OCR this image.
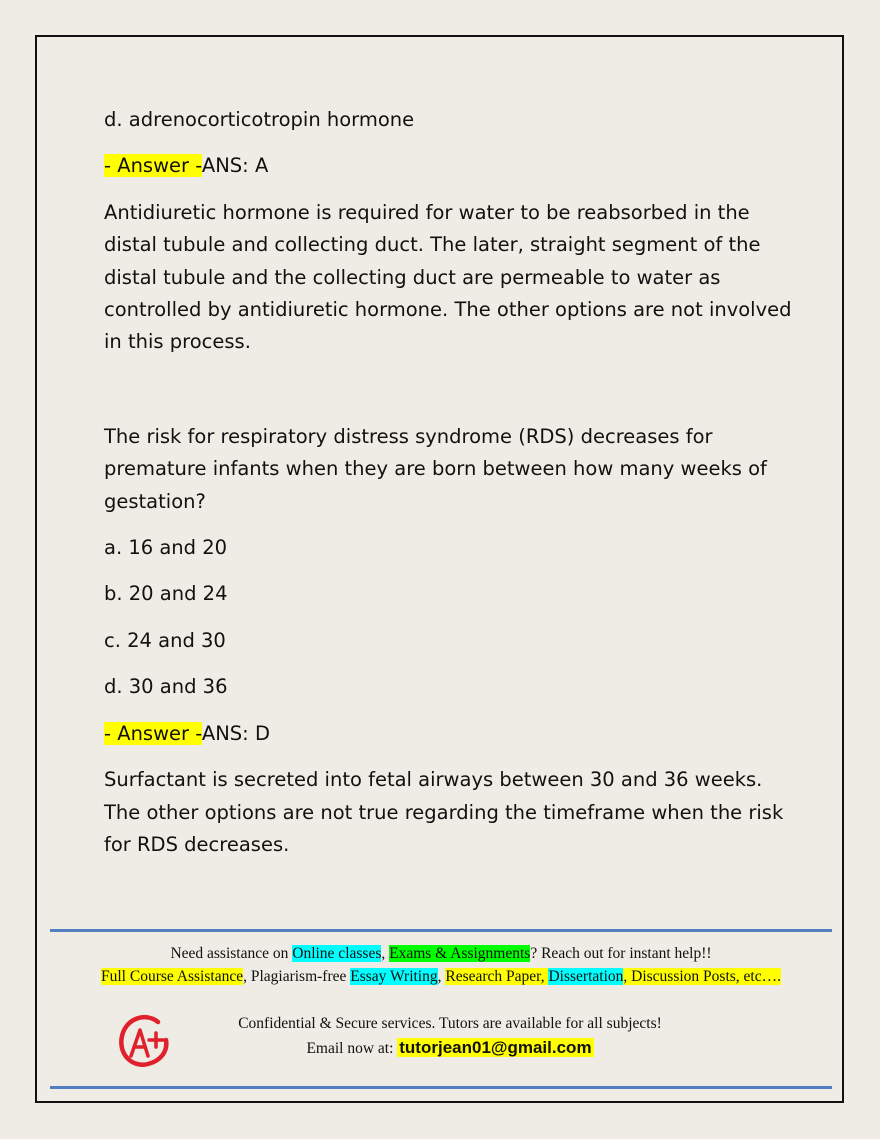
d. adrenocorticotropin hormone

- Answer -ANS: A

Antidiuretic hormone is required for water to be reabsorbed in the distal tubule and collecting duct. The later, straight segment of the distal tubule and the collecting duct are permeable to water as controlled by antidiuretic hormone. The other options are not involved in this process.

The risk for respiratory distress syndrome (RDS) decreases for premature infants when they are born between how many weeks of gestation?

a. 16 and 20

b. 20 and 24

c. 24 and 30

d. 30 and 36

- Answer -ANS: D

Surfactant is secreted into fetal airways between 30 and 36 weeks. The other options are not true regarding the timeframe when the risk for RDS decreases.

Need assistance on Online classes, Exams & Assignments? Reach out for instant help!!
Full Course Assistance, Plagiarism-free Essay Writing, Research Paper, Dissertation, Discussion Posts, etc….
Confidential & Secure services. Tutors are available for all subjects!
Email now at: tutorjean01@gmail.com
